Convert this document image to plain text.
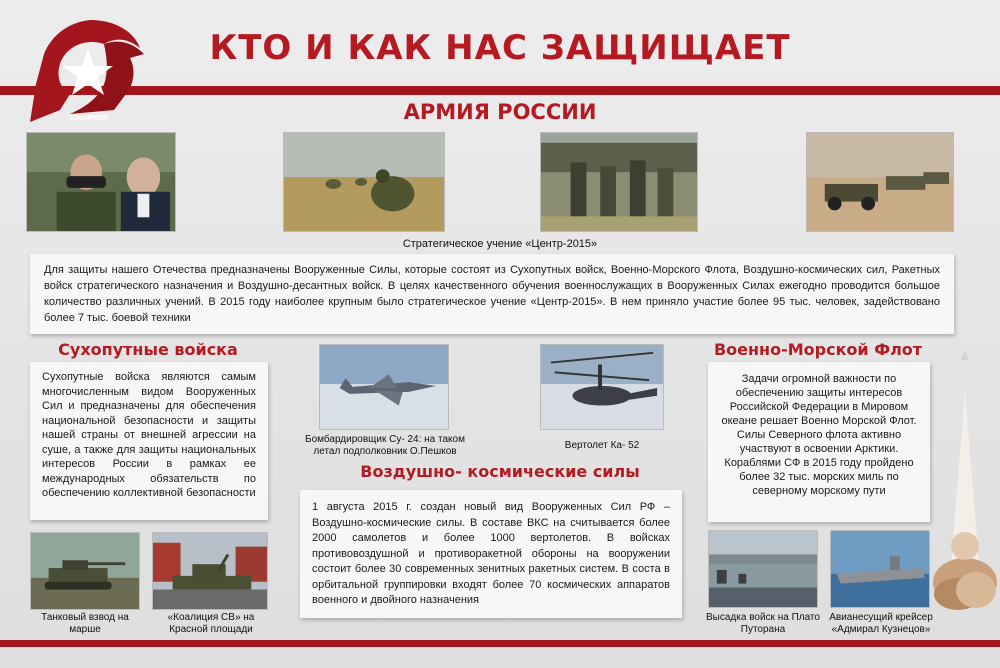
ЮНАРМИЯ
КТО И КАК НАС ЗАЩИЩАЕТ
АРМИЯ РОССИИ
Стратегическое учение «Центр-2015»
Для защиты нашего Отечества предназначены Вооруженные Силы, которые состоят из Сухопутных войск, Военно-Морского Флота, Воздушно-космических сил, Ракетных войск стратегического назначения и Воздушно-десантных войск. В целях качественного обучения военнослужащих в Вооруженных Силах ежегодно проводится большое количество различных учений. В 2015 году наиболее крупным было стратегическое учение «Центр-2015». В нем приняло участие более 95 тыс. человек, задействовано более 7 тыс. боевой техники
Сухопутные войска
Сухопутные войска являются самым многочисленным видом Вооруженных Сил и предназначены для обеспечения национальной безопасности и защиты нашей страны от внешней агрессии на суше, а также для защиты национальных интересов России в рамках ее международных обязательств по обеспечению коллективной безопасности
Танковый взвод на марше
«Коалиция СВ» на Красной площади
Бомбардировщик Су- 24: на таком летал подполковник О.Пешков
Вертолет Ка- 52
Воздушно- космические силы
1 августа 2015 г. создан новый вид Вооруженных Сил РФ – Воздушно-космические силы. В составе ВКС на считывается более 2000 самолетов и более 1000 вертолетов. В войсках противовоздушной и противоракетной обороны на вооружении состоит более 30 современных зенитных ракетных систем. В соста в орбитальной группировки входят более 70 космических аппаратов военного и двойного назначения
Военно-Морской Флот
Задачи огромной важности по обеспечению защиты интересов Российской Федерации в Мировом океане решает Военно Морской Флот.
Силы Северного флота активно участвуют в освоении Арктики. Кораблями СФ в 2015 году пройдено более 32 тыс. морских миль по северному морскому пути
Высадка войск на Плато Путорана
Авианесущий крейсер «Адмирал Кузнецов»
